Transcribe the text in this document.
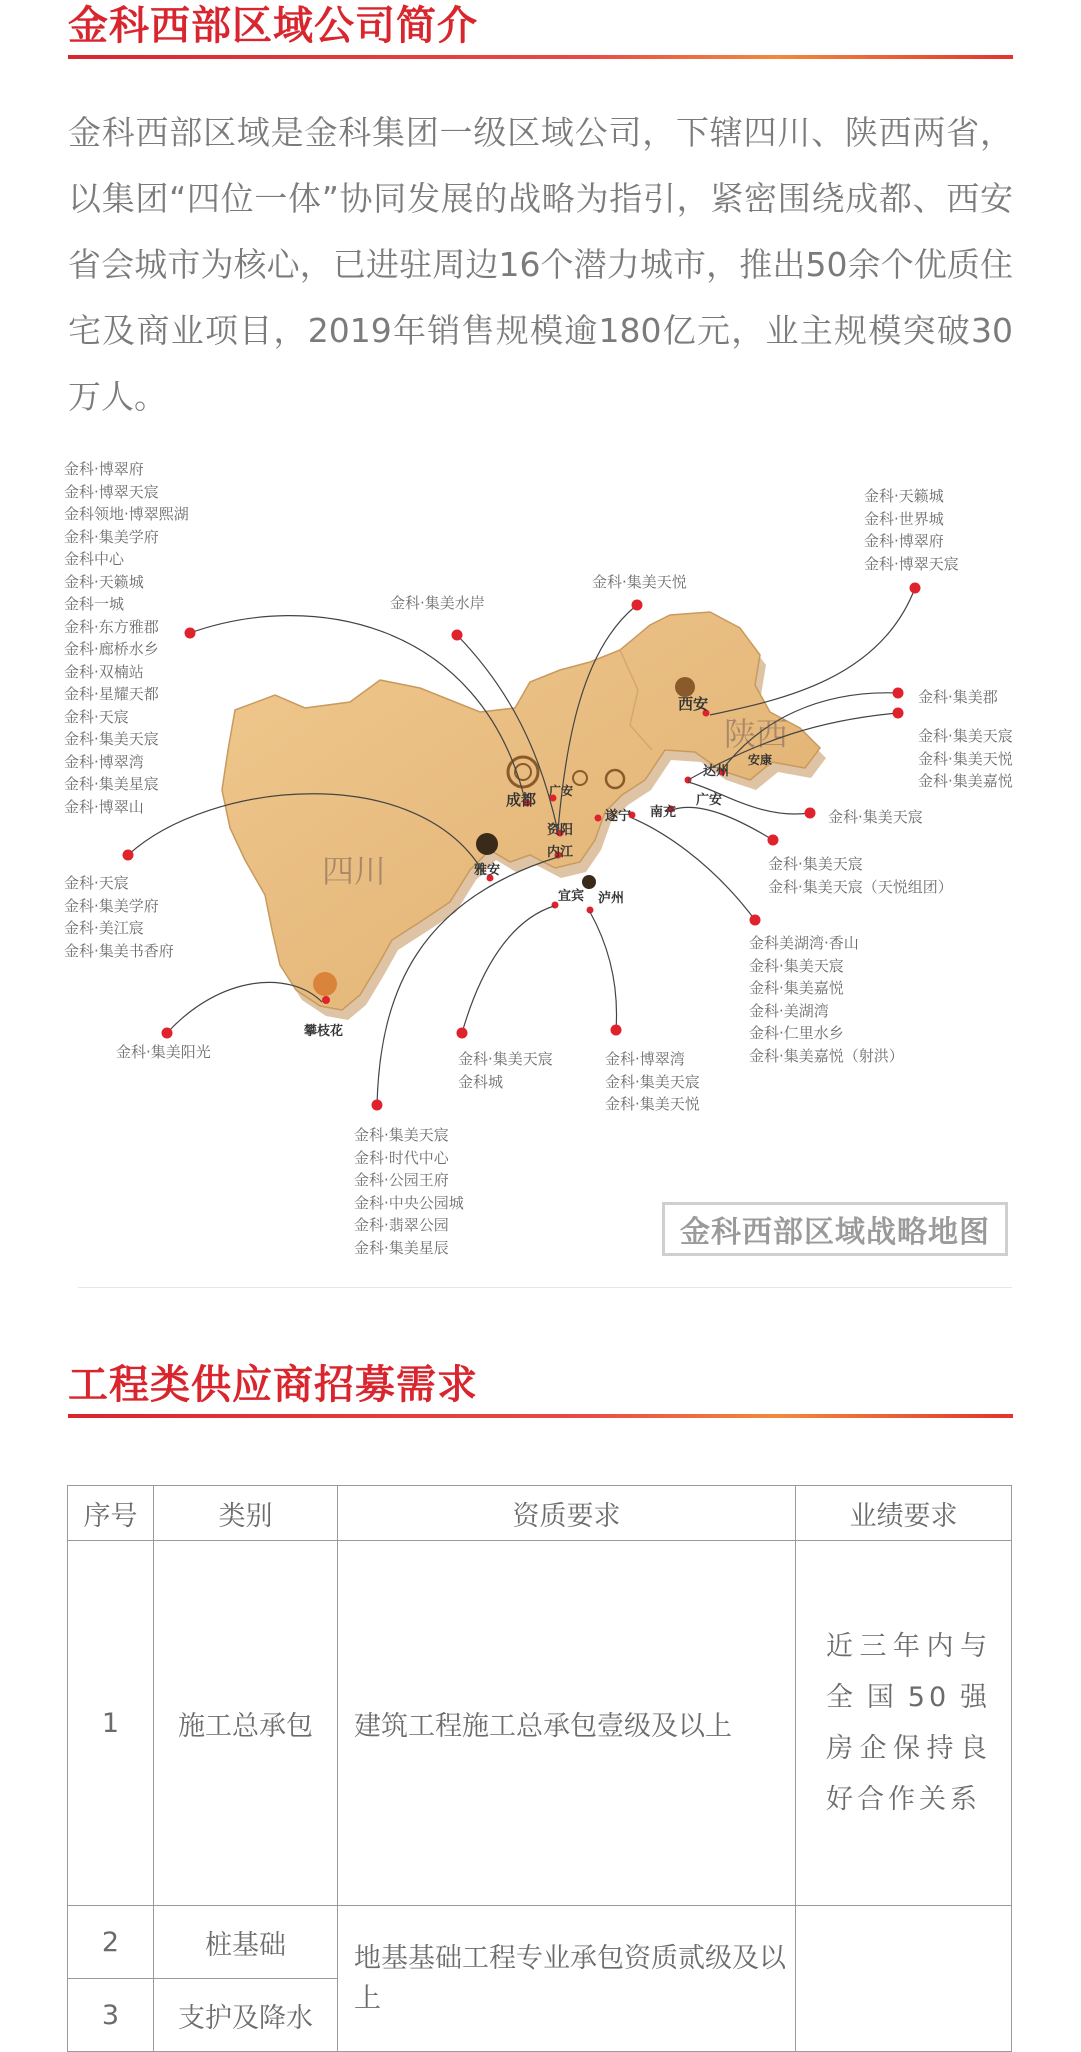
金科西部区域公司简介
金科西部区域是金科集团一级区域公司，下辖四川、陕西两省，以集团“四位一体”协同发展的战略为指引，紧密围绕成都、西安省会城市为核心，已进驻周边16个潜力城市，推出50余个优质住宅及商业项目，2019年销售规模逾180亿元，业主规模突破30万人。
四川
陕西
成都
西安
广安
资阳
内江
遂宁 南充
达州
安康
广安
雅安
宜宾 泸州
攀枝花
金科·博翠府
金科·博翠天宸
金科领地·博翠熙湖
金科·集美学府
金科中心
金科·天籁城
金科一城
金科·东方雅郡
金科·廊桥水乡
金科·双楠站
金科·星耀天都
金科·天宸
金科·集美天宸
金科·博翠湾
金科·集美星宸
金科·博翠山
金科·天宸
金科·集美学府
金科·美江宸
金科·集美书香府
金科·集美阳光
金科·集美水岸
金科·集美天悦
金科·天籁城
金科·世界城
金科·博翠府
金科·博翠天宸
金科·集美郡
金科·集美天宸
金科·集美天悦
金科·集美嘉悦
金科·集美天宸
金科·集美天宸
金科·集美天宸（天悦组团）
金科美湖湾·香山
金科·集美天宸
金科·集美嘉悦
金科·美湖湾
金科·仁里水乡
金科·集美嘉悦（射洪）
金科·集美天宸
金科城
金科·博翠湾
金科·集美天宸
金科·集美天悦
金科·集美天宸
金科·时代中心
金科·公园王府
金科·中央公园城
金科·翡翠公园
金科·集美星辰	金科西部区域战略地图
工程类供应商招募需求
序号	类别	资质要求	业绩要求
1	施工总承包	建筑工程施工总承包壹级及以上	近三年内与全国50强房企保持良好合作关系
2	桩基础	地基基础工程专业承包资质贰级及以上	
3	支护及降水		
